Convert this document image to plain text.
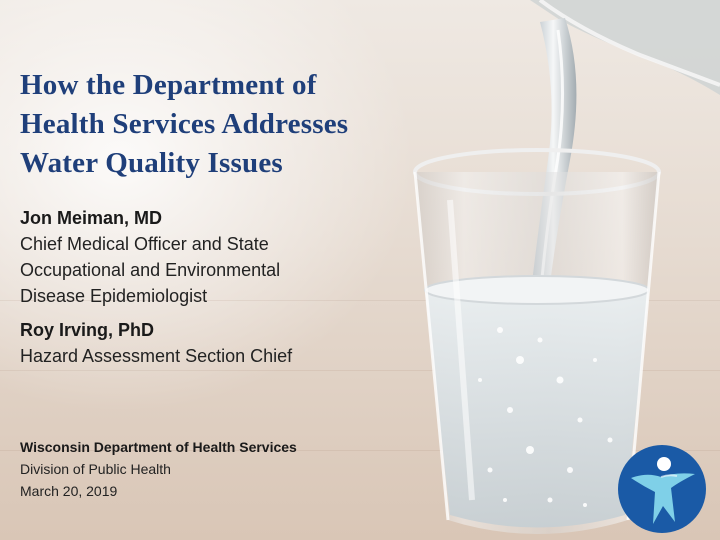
How the Department of
Health Services Addresses
Water Quality Issues
Jon Meiman, MD
Chief Medical Officer and State
Occupational and Environmental
Disease Epidemiologist
Roy Irving, PhD
Hazard Assessment Section Chief
Wisconsin Department of Health Services
Division of Public Health
March 20, 2019
